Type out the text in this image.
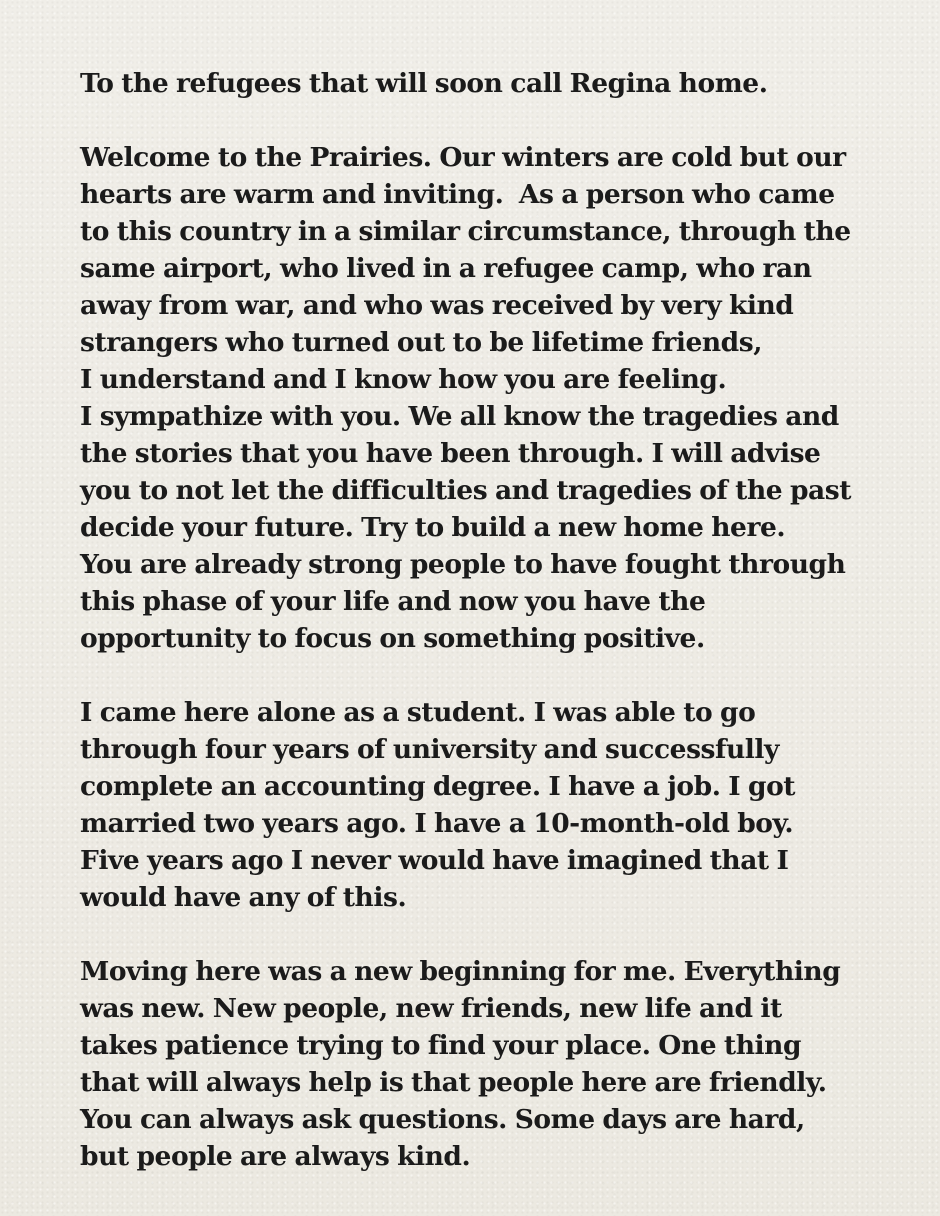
To the refugees that will soon call Regina home.
Welcome to the Prairies. Our winters are cold but our
hearts are warm and inviting.  As a person who came
to this country in a similar circumstance, through the
same airport, who lived in a refugee camp, who ran
away from war, and who was received by very kind
strangers who turned out to be lifetime friends,
I understand and I know how you are feeling.
I sympathize with you. We all know the tragedies and
the stories that you have been through. I will advise
you to not let the difficulties and tragedies of the past
decide your future. Try to build a new home here.
You are already strong people to have fought through
this phase of your life and now you have the
opportunity to focus on something positive.
I came here alone as a student. I was able to go
through four years of university and successfully
complete an accounting degree. I have a job. I got
married two years ago. I have a 10-month-old boy.
Five years ago I never would have imagined that I
would have any of this.
Moving here was a new beginning for me. Everything
was new. New people, new friends, new life and it
takes patience trying to find your place. One thing
that will always help is that people here are friendly.
You can always ask questions. Some days are hard,
but people are always kind.
